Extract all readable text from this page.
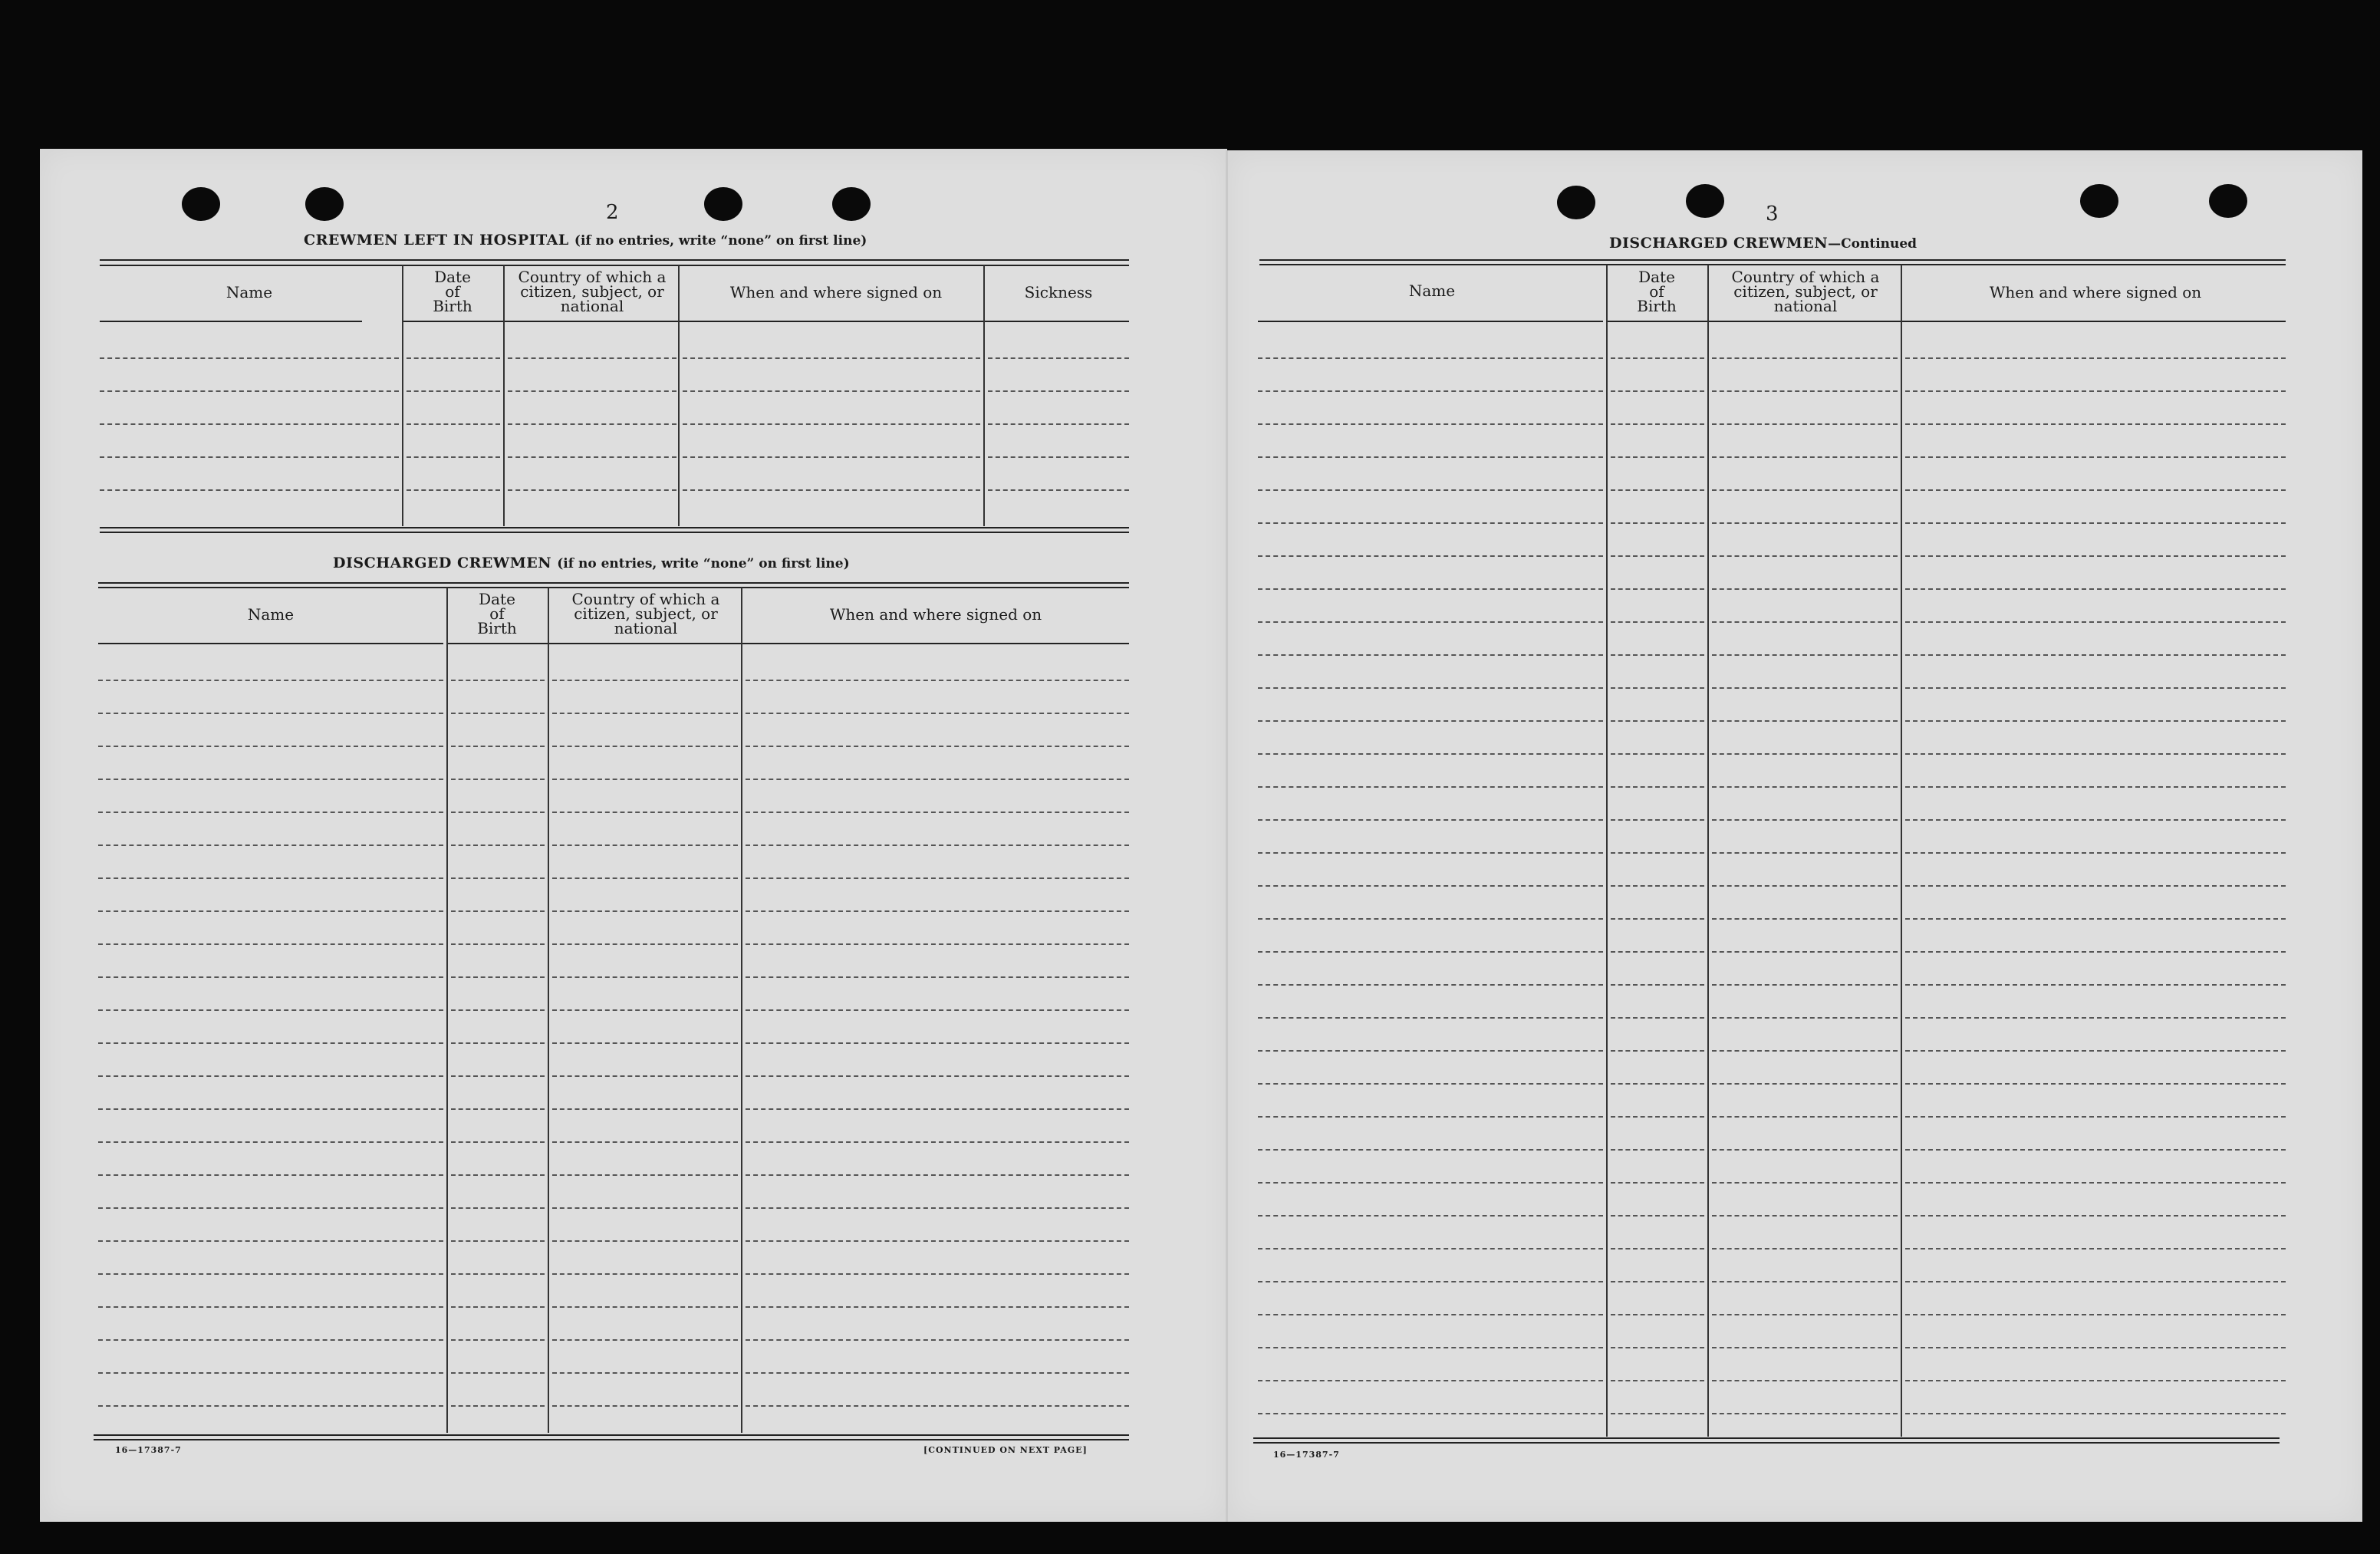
2
CREWMEN LEFT IN HOSPITAL (if no entries, write “none” on first line)
Name
Date
of
Birth
Country of which a
citizen, subject, or
national
When and where signed on	Sickness
DISCHARGED CREWMEN (if no entries, write “none” on first line)
Name
Date
of
Birth
Country of which a
citizen, subject, or
national
When and where signed on
16—17387‑7	[CONTINUED ON NEXT PAGE]
3
DISCHARGED CREWMEN—Continued
Name
Date
of
Birth
Country of which a
citizen, subject, or
national
When and where signed on
16—17387‑7
